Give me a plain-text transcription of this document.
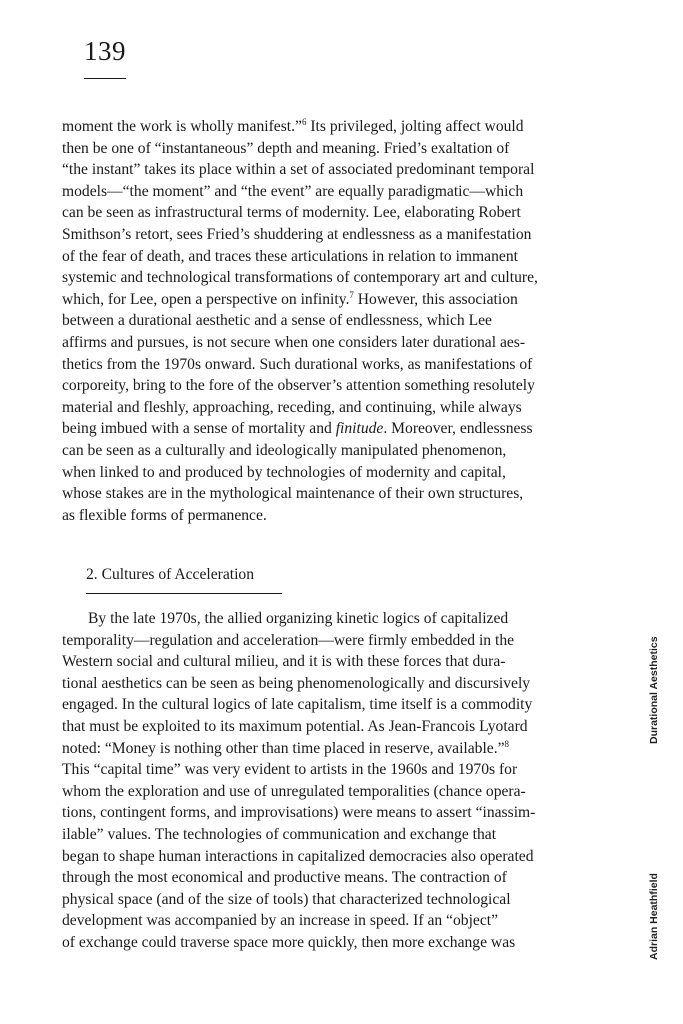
139
moment the work is wholly manifest.”$^6$ Its privileged, jolting affect would
then be one of “instantaneous” depth and meaning. Fried’s exaltation of
“the instant” takes its place within a set of associated predominant temporal
models—“the moment” and “the event” are equally paradigmatic—which
can be seen as infrastructural terms of modernity. Lee, elaborating Robert
Smithson’s retort, sees Fried’s shuddering at endlessness as a manifestation
of the fear of death, and traces these articulations in relation to immanent
systemic and technological transformations of contemporary art and culture,
which, for Lee, open a perspective on infinity.$^7$ However, this association
between a durational aesthetic and a sense of endlessness, which Lee
affirms and pursues, is not secure when one considers later durational aes-
thetics from the 1970s onward. Such durational works, as manifestations of
corporeity, bring to the fore of the observer’s attention something resolutely
material and fleshly, approaching, receding, and continuing, while always
being imbued with a sense of mortality and finitude. Moreover, endlessness
can be seen as a culturally and ideologically manipulated phenomenon,
when linked to and produced by technologies of modernity and capital,
whose stakes are in the mythological maintenance of their own structures,
as flexible forms of permanence.
2. Cultures of Acceleration
By the late 1970s, the allied organizing kinetic logics of capitalized
temporality—regulation and acceleration—were firmly embedded in the
Western social and cultural milieu, and it is with these forces that dura-
tional aesthetics can be seen as being phenomenologically and discursively
engaged. In the cultural logics of late capitalism, time itself is a commodity
that must be exploited to its maximum potential. As Jean-Francois Lyotard
noted: “Money is nothing other than time placed in reserve, available.”$^8$
This “capital time” was very evident to artists in the 1960s and 1970s for
whom the exploration and use of unregulated temporalities (chance opera-
tions, contingent forms, and improvisations) were means to assert “inassim-
ilable” values. The technologies of communication and exchange that
began to shape human interactions in capitalized democracies also operated
through the most economical and productive means. The contraction of
physical space (and of the size of tools) that characterized technological
development was accompanied by an increase in speed. If an “object”
of exchange could traverse space more quickly, then more exchange was
Durational Aesthetics
Adrian Heathfield
